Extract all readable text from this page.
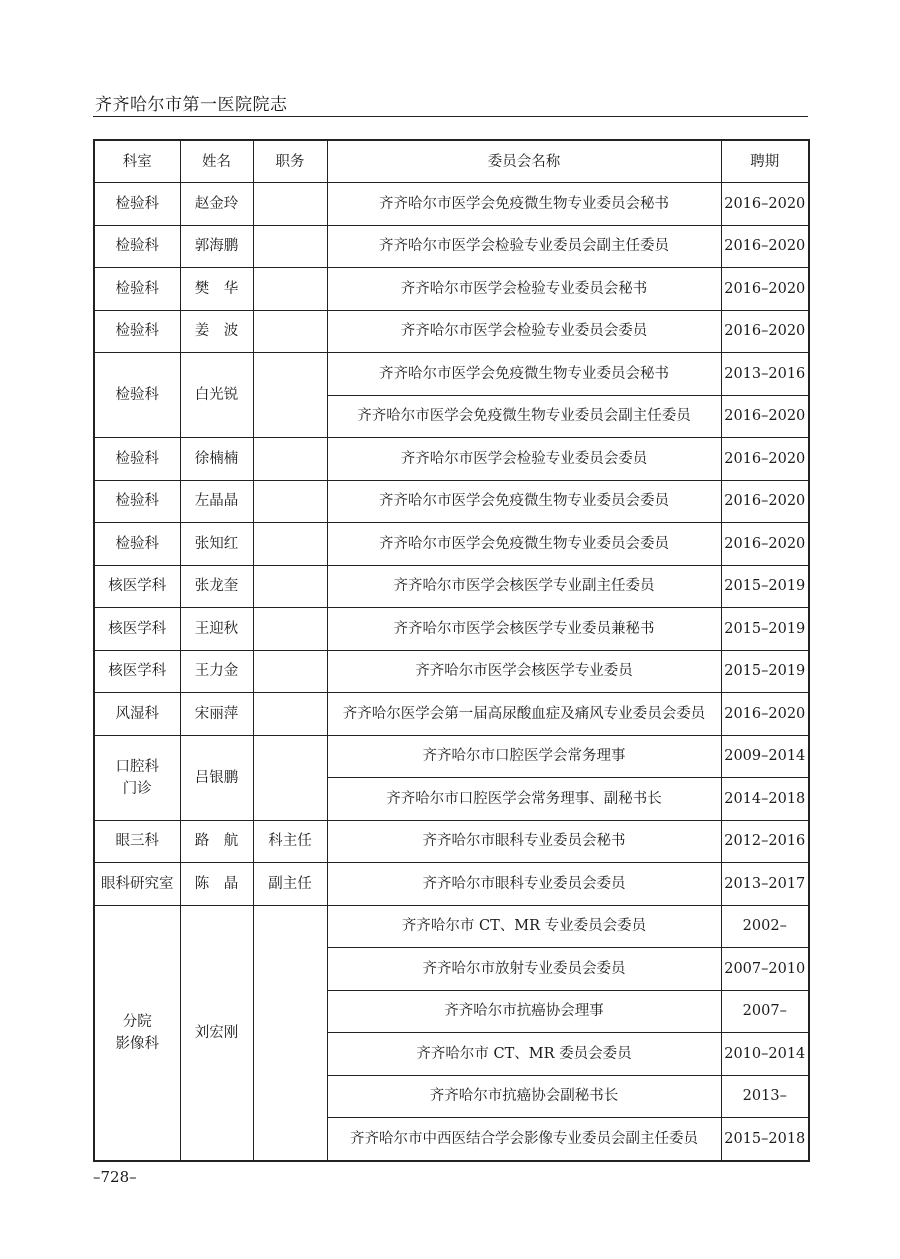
齐齐哈尔市第一医院院志
科室	姓名	职务	委员会名称	聘期

检验科	赵金玲		齐齐哈尔市医学会免疫微生物专业委员会秘书	2016–2020

检验科	郭海鹏		齐齐哈尔市医学会检验专业委员会副主任委员	2016–2020

检验科	樊　华		齐齐哈尔市医学会检验专业委员会秘书	2016–2020

检验科	姜　波		齐齐哈尔市医学会检验专业委员会委员	2016–2020

检验科	白光锐		齐齐哈尔市医学会免疫微生物专业委员会秘书	2013–2016
			齐齐哈尔市医学会免疫微生物专业委员会副主任委员	2016–2020

检验科	徐楠楠		齐齐哈尔市医学会检验专业委员会委员	2016–2020

检验科	左晶晶		齐齐哈尔市医学会免疫微生物专业委员会委员	2016–2020

检验科	张知红		齐齐哈尔市医学会免疫微生物专业委员会委员	2016–2020

核医学科	张龙奎		齐齐哈尔市医学会核医学专业副主任委员	2015–2019

核医学科	王迎秋		齐齐哈尔市医学会核医学专业委员兼秘书	2015–2019

核医学科	王力金		齐齐哈尔市医学会核医学专业委员	2015–2019

风湿科	宋丽萍		齐齐哈尔医学会第一届高尿酸血症及痛风专业委员会委员	2016–2020

口腔科
门诊	吕银鹏		齐齐哈尔市口腔医学会常务理事	2009–2014
			齐齐哈尔市口腔医学会常务理事、副秘书长	2014–2018

眼三科	路　航	科主任	齐齐哈尔市眼科专业委员会秘书	2012–2016

眼科研究室	陈　晶	副主任	齐齐哈尔市眼科专业委员会委员	2013–2017

分院
影像科	刘宏刚		齐齐哈尔市 CT、MR 专业委员会委员	2002–
			齐齐哈尔市放射专业委员会委员	2007–2010
			齐齐哈尔市抗癌协会理事	2007–
			齐齐哈尔市 CT、MR 委员会委员	2010–2014
			齐齐哈尔市抗癌协会副秘书长	2013–
			齐齐哈尔市中西医结合学会影像专业委员会副主任委员	2015–2018
–728–
